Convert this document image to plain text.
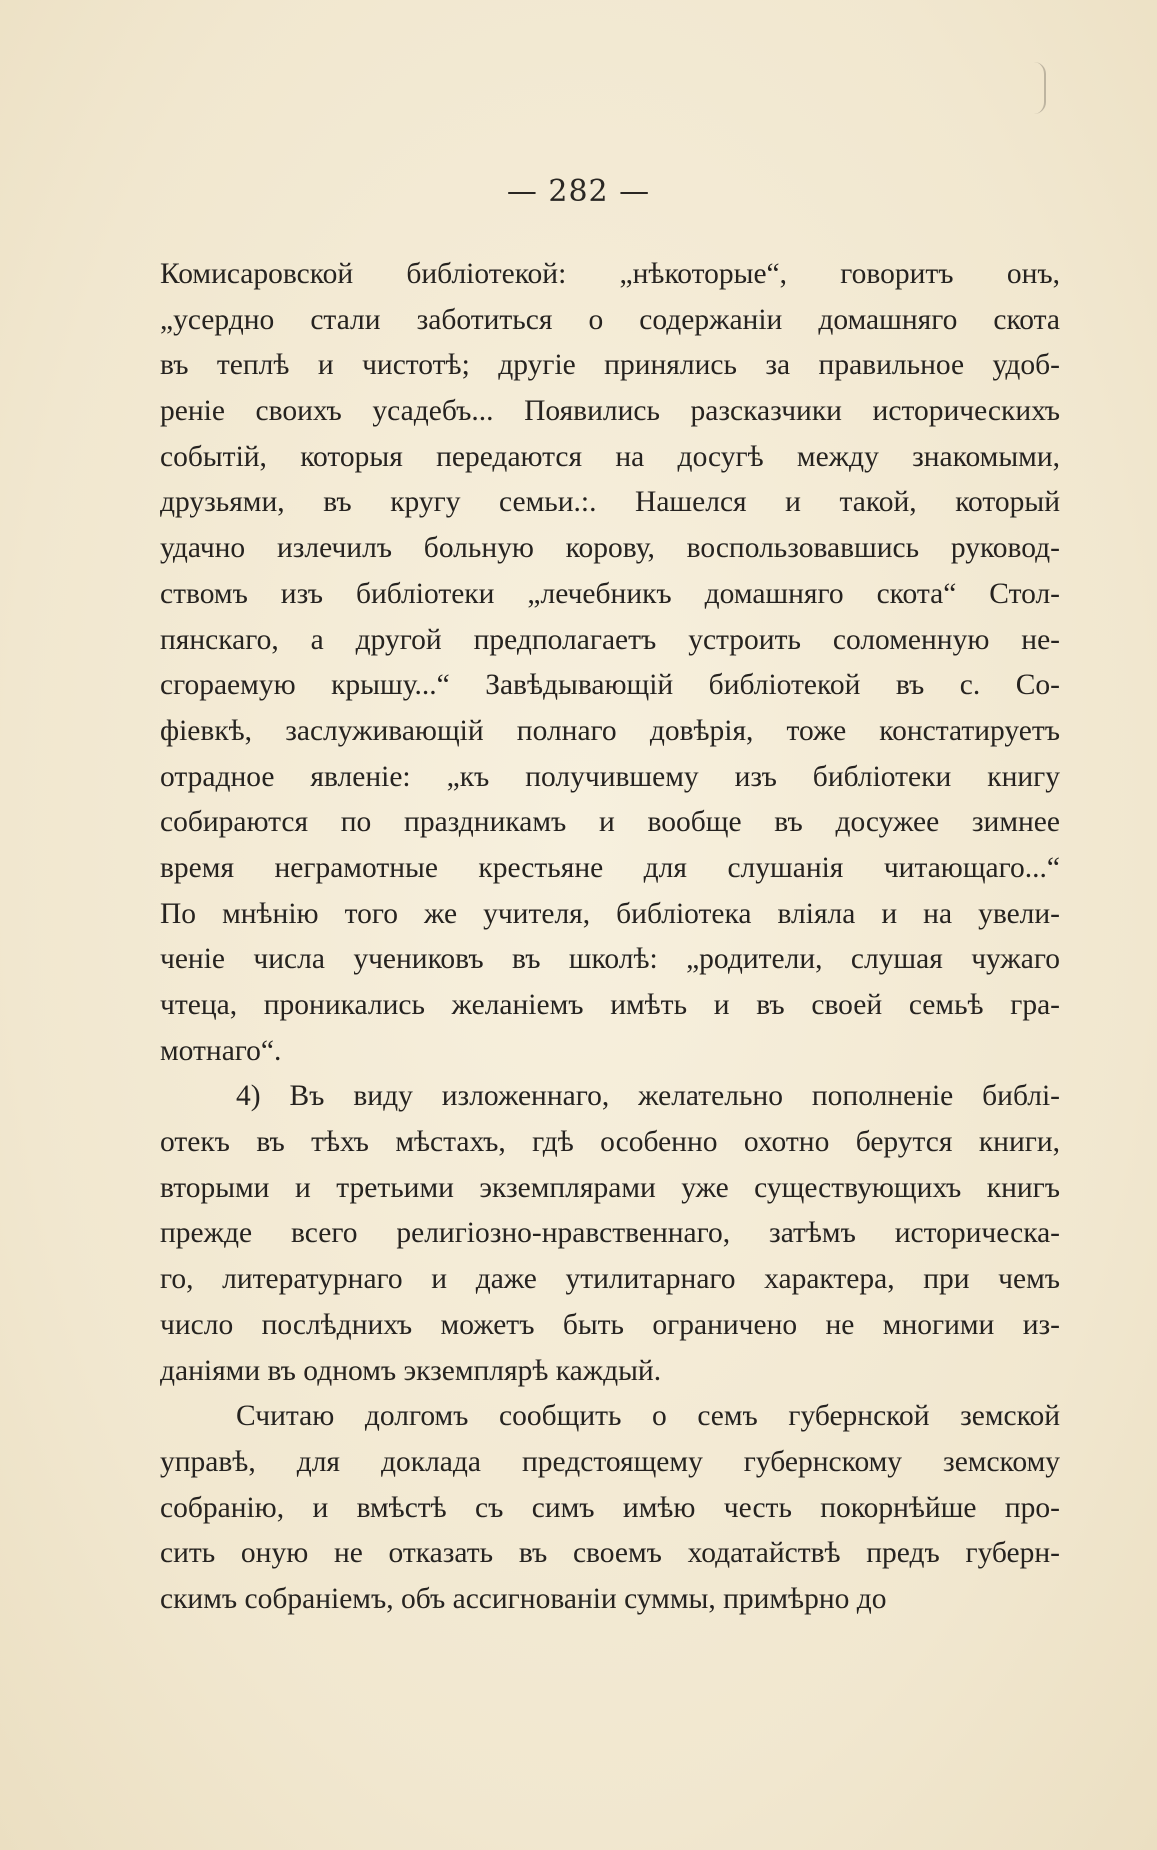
— 282 —
Комисаровской библіотекой: „нѣкоторые“, говоритъ онъ,
„усердно стали заботиться о содержаніи домашняго скота
въ теплѣ и чистотѣ; другіе принялись за правильное удоб-
реніе своихъ усадебъ... Появились разсказчики историческихъ
событій, которыя передаются на досугѣ между знакомыми,
друзьями, въ кругу семьи.:. Нашелся и такой, который
удачно излечилъ больную корову, воспользовавшись руковод-
ствомъ изъ библіотеки „лечебникъ домашняго скота“ Стол-
пянскаго, а другой предполагаетъ устроить соломенную не-
сгораемую крышу...“ Завѣдывающій библіотекой въ с. Со-
фіевкѣ, заслуживающій полнаго довѣрія, тоже констатируетъ
отрадное явленіе: „къ получившему изъ библіотеки книгу
собираются по праздникамъ и вообще въ досужее зимнее
время неграмотные крестьяне для слушанія читающаго...“
По мнѣнію того же учителя, библіотека вліяла и на увели-
ченіе числа учениковъ въ школѣ: „родители, слушая чужаго
чтеца, проникались желаніемъ имѣть и въ своей семьѣ гра-
мотнаго“.
4) Въ виду изложеннаго, желательно пополненіе библі-
отекъ въ тѣхъ мѣстахъ, гдѣ особенно охотно берутся книги,
вторыми и третьими экземплярами уже существующихъ книгъ
прежде всего религіозно-нравственнаго, затѣмъ историческа-
го, литературнаго и даже утилитарнаго характера, при чемъ
число послѣднихъ можетъ быть ограничено не многими из-
даніями въ одномъ экземплярѣ каждый.
Считаю долгомъ сообщить о семъ губернской земской
управѣ, для доклада предстоящему губернскому земскому
собранію, и вмѣстѣ съ симъ имѣю честь покорнѣйше про-
сить оную не отказать въ своемъ ходатайствѣ предъ губерн-
скимъ собраніемъ, объ ассигнованіи суммы, примѣрно до
